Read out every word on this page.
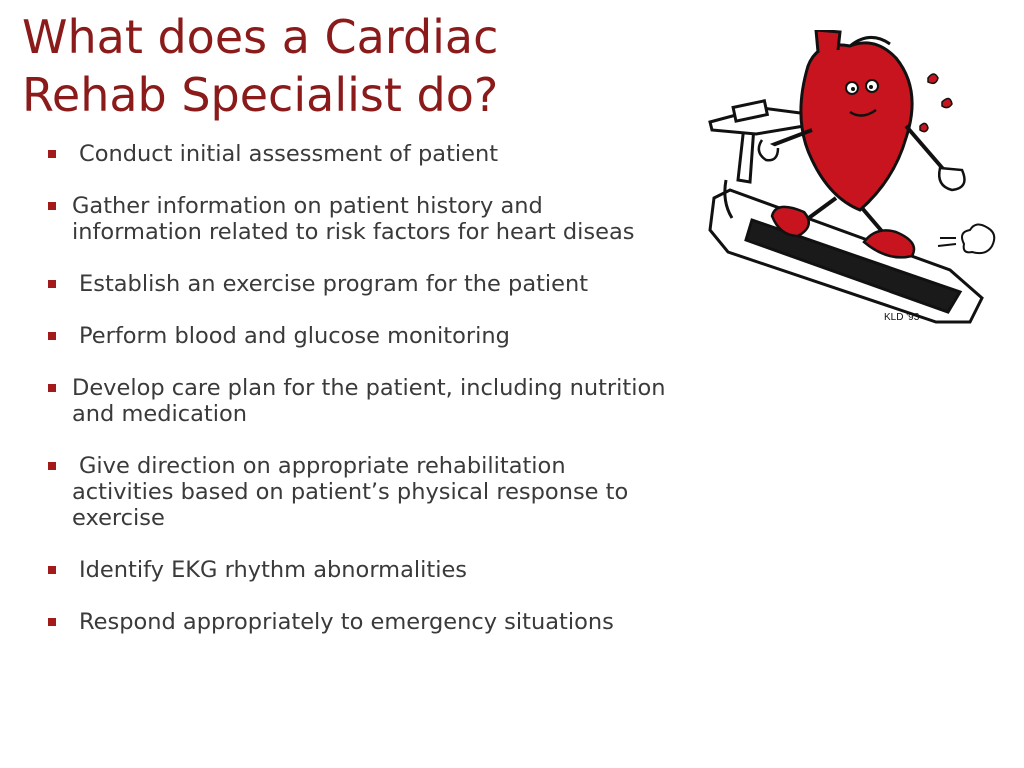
What does a Cardiac
Rehab Specialist do?
Conduct initial assessment of patient
Gather information on patient history and
information related to risk factors for heart diseas
Establish an exercise program for the patient
Perform blood and glucose monitoring
Develop care plan for the patient, including nutrition
and medication
Give direction on appropriate rehabilitation
activities based on patient’s physical response to
exercise
Identify EKG rhythm abnormalities
Respond appropriately to emergency situations
KLD '93
